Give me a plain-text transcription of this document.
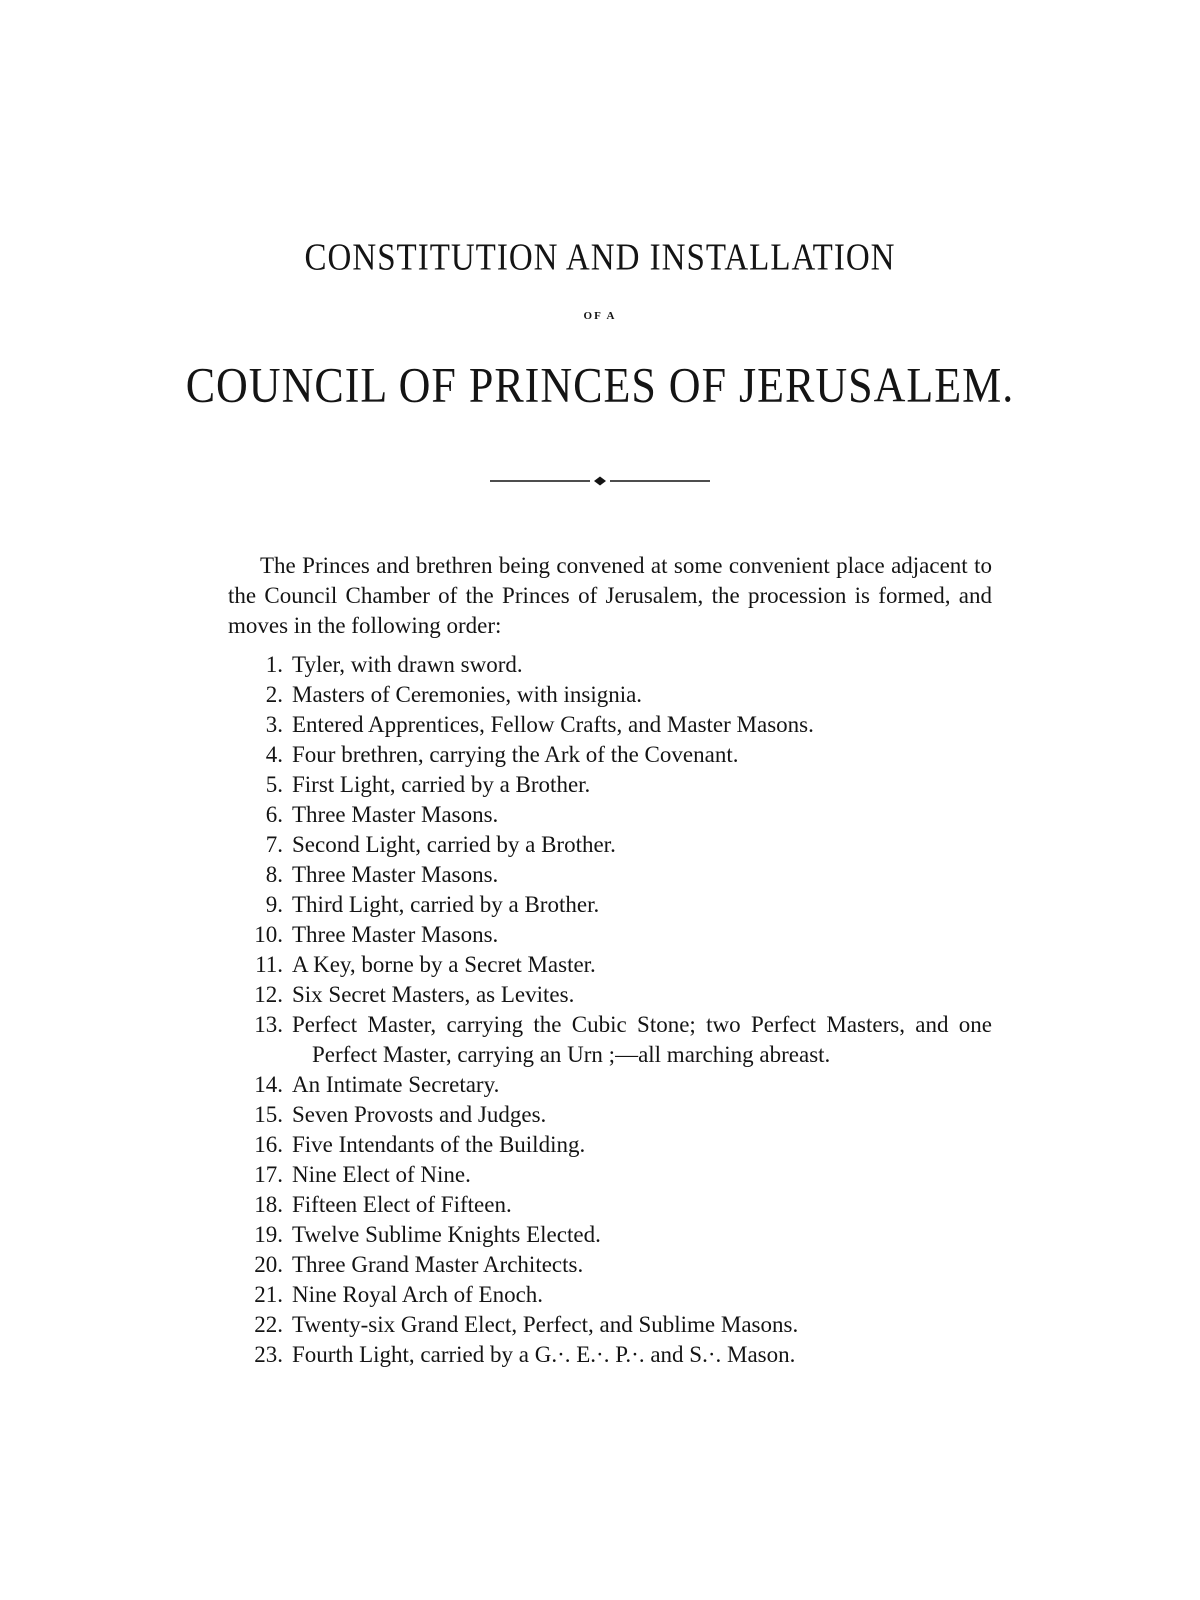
CONSTITUTION AND INSTALLATION
OF A
COUNCIL OF PRINCES OF JERUSALEM.

The Princes and brethren being convened at some convenient place adjacent to the Council Chamber of the Princes of Jerusalem, the procession is formed, and moves in the following order:

1. Tyler, with drawn sword.
2. Masters of Ceremonies, with insignia.
3. Entered Apprentices, Fellow Crafts, and Master Masons.
4. Four brethren, carrying the Ark of the Covenant.
5. First Light, carried by a Brother.
6. Three Master Masons.
7. Second Light, carried by a Brother.
8. Three Master Masons.
9. Third Light, carried by a Brother.
10. Three Master Masons.
11. A Key, borne by a Secret Master.
12. Six Secret Masters, as Levites.
13. Perfect Master, carrying the Cubic Stone; two Perfect Masters, and one Perfect Master, carrying an Urn ;—all marching abreast.
14. An Intimate Secretary.
15. Seven Provosts and Judges.
16. Five Intendants of the Building.
17. Nine Elect of Nine.
18. Fifteen Elect of Fifteen.
19. Twelve Sublime Knights Elected.
20. Three Grand Master Architects.
21. Nine Royal Arch of Enoch.
22. Twenty-six Grand Elect, Perfect, and Sublime Masons.
23. Fourth Light, carried by a G.·. E.·. P.·. and S.·. Mason.
